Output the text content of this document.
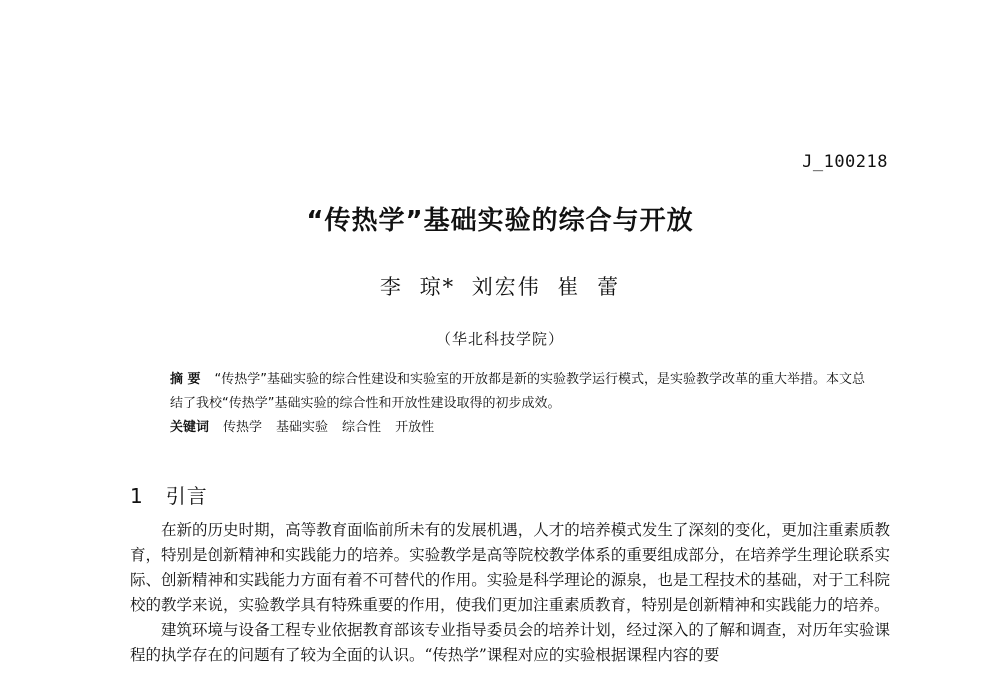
J_100218
“传热学”基础实验的综合与开放
李 琼* 刘宏伟 崔 蕾
（华北科技学院）
摘 要 “传热学”基础实验的综合性建设和实验室的开放都是新的实验教学运行模式，是实验教学改革的重大举措。本文总结了我校“传热学”基础实验的综合性和开放性建设取得的初步成效。
关键词 传热学 基础实验 综合性 开放性
1 引言

在新的历史时期，高等教育面临前所未有的发展机遇，人才的培养模式发生了深刻的变化，更加注重素质教育，特别是创新精神和实践能力的培养。实验教学是高等院校教学体系的重要组成部分，在培养学生理论联系实际、创新精神和实践能力方面有着不可替代的作用。实验是科学理论的源泉，也是工程技术的基础，对于工科院校的教学来说，实验教学具有特殊重要的作用，使我们更加注重素质教育，特别是创新精神和实践能力的培养。

建筑环境与设备工程专业依据教育部该专业指导委员会的培养计划，经过深入的了解和调查，对历年实验课程的执学存在的问题有了较为全面的认识。“传热学”课程对应的实验根据课程内容的要
